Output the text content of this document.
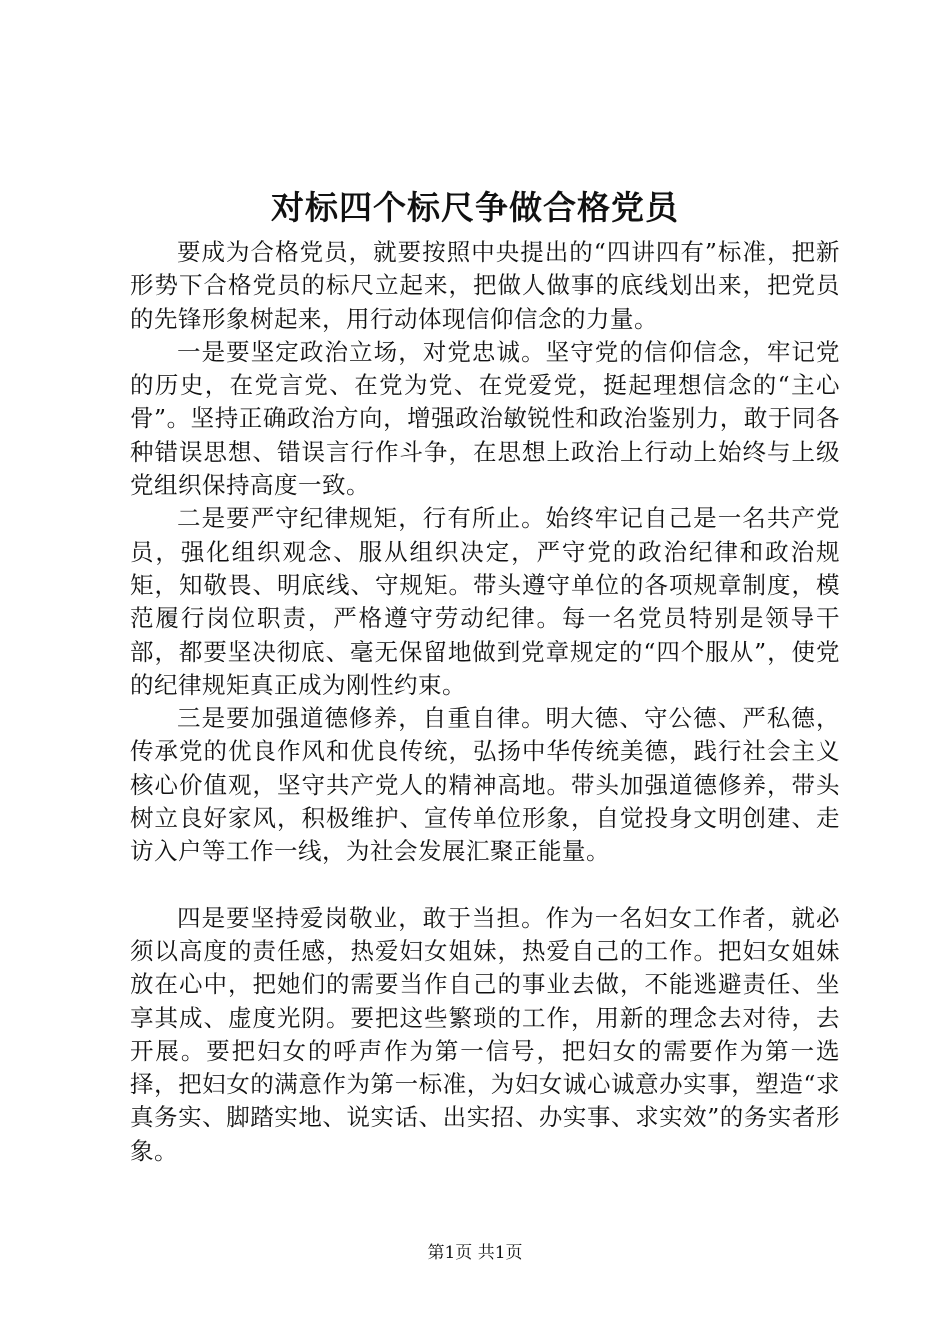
对标四个标尺争做合格党员

要成为合格党员，就要按照中央提出的“四讲四有”标准，把新形势下合格党员的标尺立起来，把做人做事的底线划出来，把党员的先锋形象树起来，用行动体现信仰信念的力量。

一是要坚定政治立场，对党忠诚。坚守党的信仰信念，牢记党的历史，在党言党、在党为党、在党爱党，挺起理想信念的“主心骨”。坚持正确政治方向，增强政治敏锐性和政治鉴别力，敢于同各种错误思想、错误言行作斗争，在思想上政治上行动上始终与上级党组织保持高度一致。

二是要严守纪律规矩，行有所止。始终牢记自己是一名共产党员，强化组织观念、服从组织决定，严守党的政治纪律和政治规矩，知敬畏、明底线、守规矩。带头遵守单位的各项规章制度，模范履行岗位职责，严格遵守劳动纪律。每一名党员特别是领导干部，都要坚决彻底、毫无保留地做到党章规定的“四个服从”，使党的纪律规矩真正成为刚性约束。

三是要加强道德修养，自重自律。明大德、守公德、严私德，传承党的优良作风和优良传统，弘扬中华传统美德，践行社会主义核心价值观，坚守共产党人的精神高地。带头加强道德修养，带头树立良好家风，积极维护、宣传单位形象，自觉投身文明创建、走访入户等工作一线，为社会发展汇聚正能量。

四是要坚持爱岗敬业，敢于当担。作为一名妇女工作者，就必须以高度的责任感，热爱妇女姐妹，热爱自己的工作。把妇女姐妹放在心中，把她们的需要当作自己的事业去做，不能逃避责任、坐享其成、虚度光阴。要把这些繁琐的工作，用新的理念去对待，去开展。要把妇女的呼声作为第一信号，把妇女的需要作为第一选择，把妇女的满意作为第一标准，为妇女诚心诚意办实事，塑造“求真务实、脚踏实地、说实话、出实招、办实事、求实效”的务实者形象。

第1页 共1页
